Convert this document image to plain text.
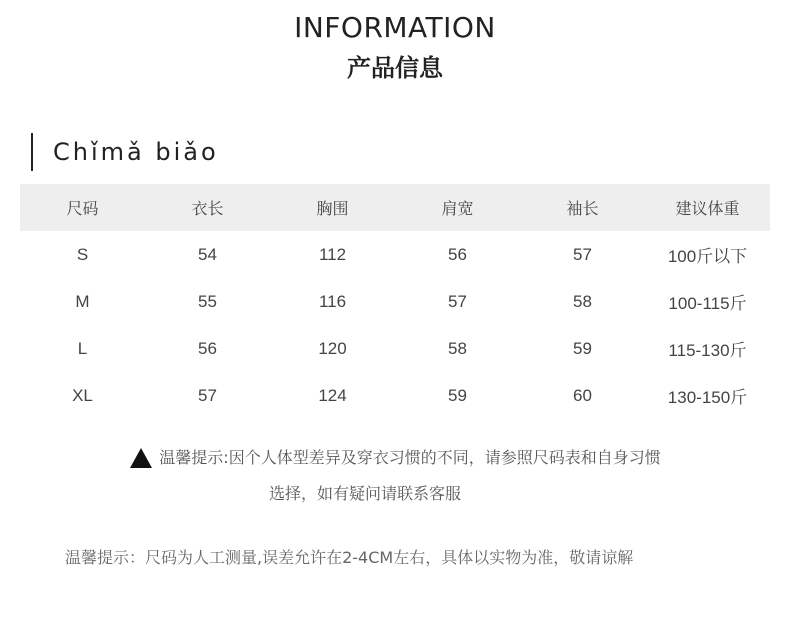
INFORMATION
产品信息
Chǐmǎ biǎo
尺码	衣长	胸围	肩宽	袖长	建议体重
S	54	112	56	57	100斤以下
M	55	116	57	58	100-115斤
L	56	120	58	59	115-130斤
XL	57	124	59	60	130-150斤
温馨提示:因个人体型差异及穿衣习惯的不同，请参照尺码表和自身习惯
选择，如有疑问请联系客服
温馨提示：尺码为人工测量,误差允许在2-4CM左右，具体以实物为准，敬请谅解
